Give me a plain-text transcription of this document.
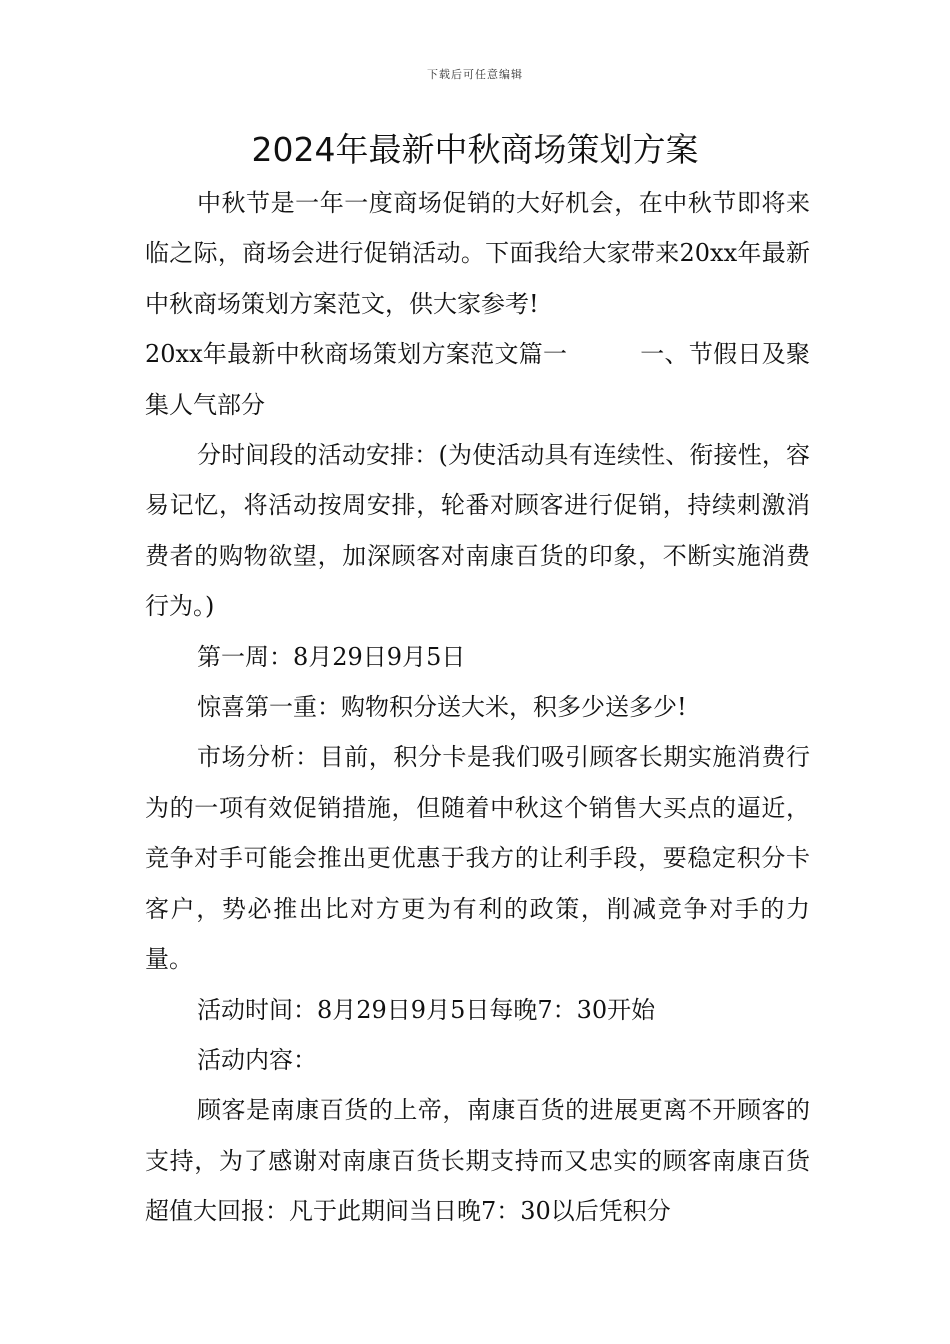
下载后可任意编辑
2024年最新中秋商场策划方案

中秋节是一年一度商场促销的大好机会，在中秋节即将来临之际，商场会进行促销活动。下面我给大家带来20xx年最新中秋商场策划方案范文，供大家参考!

20xx年最新中秋商场策划方案范文篇一　　　一、节假日及聚集人气部分

分时间段的活动安排：(为使活动具有连续性、衔接性，容易记忆，将活动按周安排，轮番对顾客进行促销，持续刺激消费者的购物欲望，加深顾客对南康百货的印象，不断实施消费行为。)

第一周：8月29日9月5日

惊喜第一重：购物积分送大米，积多少送多少!

市场分析：目前，积分卡是我们吸引顾客长期实施消费行为的一项有效促销措施，但随着中秋这个销售大买点的逼近，竞争对手可能会推出更优惠于我方的让利手段，要稳定积分卡客户，势必推出比对方更为有利的政策，削减竞争对手的力量。

活动时间：8月29日9月5日每晚7：30开始

活动内容：

顾客是南康百货的上帝，南康百货的进展更离不开顾客的支持，为了感谢对南康百货长期支持而又忠实的顾客南康百货超值大回报：凡于此期间当日晚7：30以后凭积分
